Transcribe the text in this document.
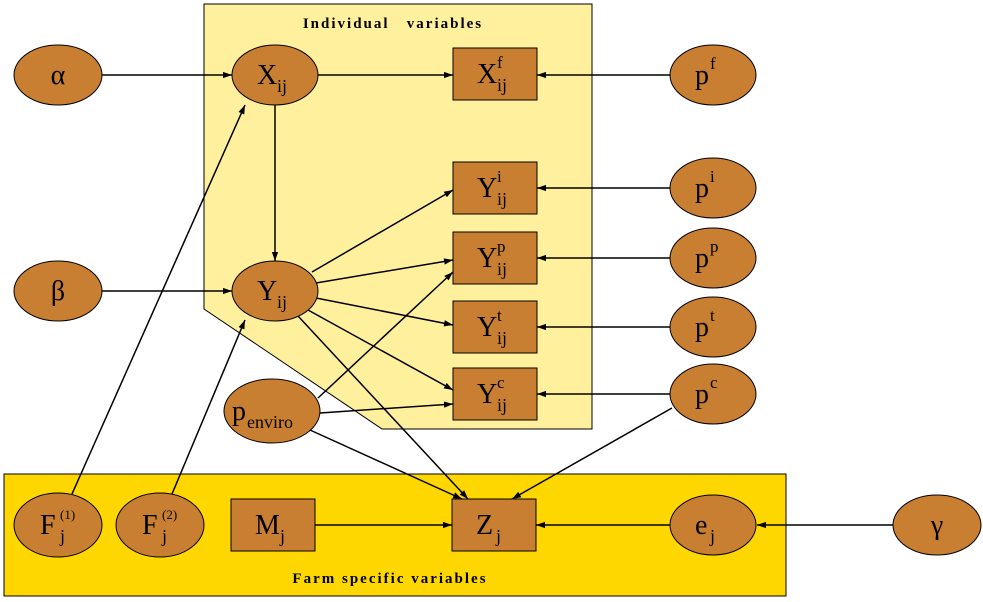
Individual   variables
Farm specific variables
α
β
γ
X ij
Y ij
X f
ij
Y i
ij
Y p
ij
Y t
ij
Y c
ij
p f
p i
p p
p t
p c
p enviro
F (1)
j	F (2)
j	M j	Z j	e j
